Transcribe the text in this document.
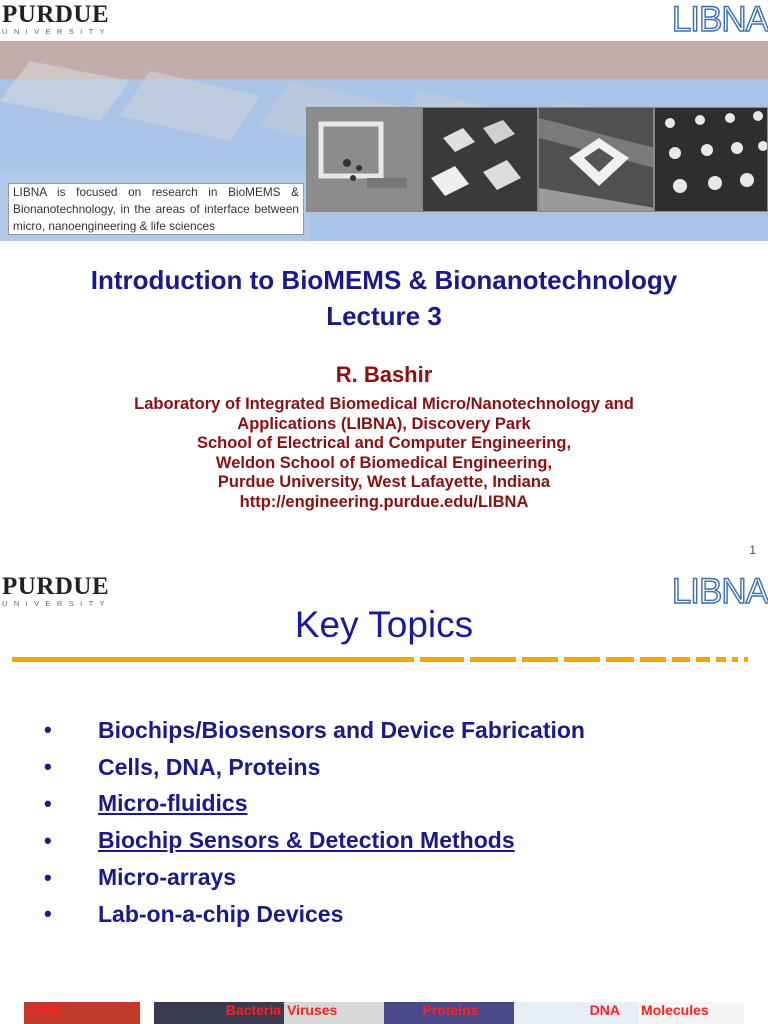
PURDUE
UNIVERSITY	LIBNA
LIBNA is focused on research in BioMEMS & Bionanotechnology, in the areas of interface between micro, nanoengineering & life sciences
Introduction to BioMEMS & Bionanotechnology
Lecture 3
R. Bashir
Laboratory of Integrated Biomedical Micro/Nanotechnology and
Applications (LIBNA), Discovery Park
School of Electrical and Computer Engineering,
Weldon School of Biomedical Engineering,
Purdue University, West Lafayette, Indiana
http://engineering.purdue.edu/LIBNA
1
PURDUE
UNIVERSITY	LIBNA
Key Topics
•	Biochips/Biosensors and Device Fabrication
•	Cells, DNA, Proteins
•	Micro-fluidics
•	Biochip Sensors & Detection Methods
•	Micro-arrays
•	Lab-on-a-chip Devices
Cells	Bacteria Viruses	Proteins	DNA	Molecules
